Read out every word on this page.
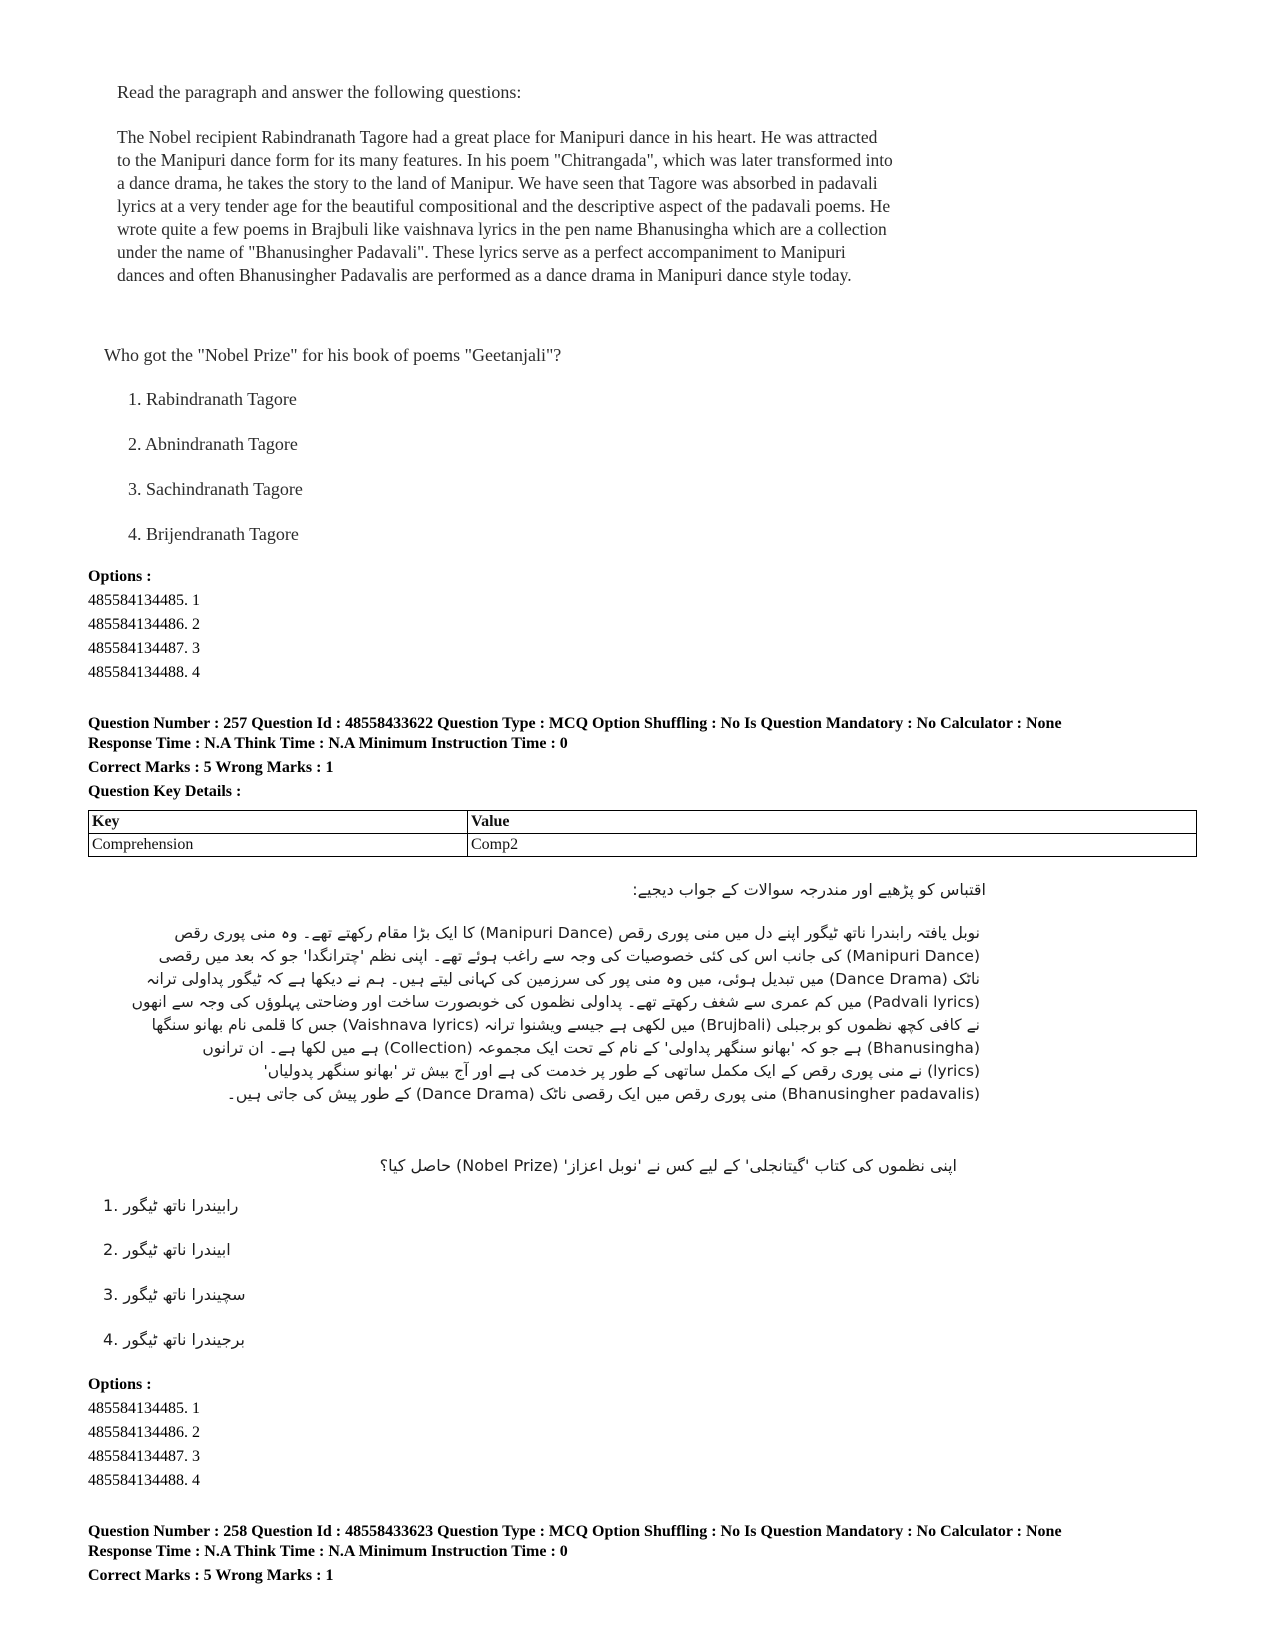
Read the paragraph and answer the following questions:
The Nobel recipient Rabindranath Tagore had a great place for Manipuri dance in his heart. He was attracted
to the Manipuri dance form for its many features. In his poem "Chitrangada", which was later transformed into
a dance drama, he takes the story to the land of Manipur. We have seen that Tagore was absorbed in padavali
lyrics at a very tender age for the beautiful compositional and the descriptive aspect of the padavali poems. He
wrote quite a few poems in Brajbuli like vaishnava lyrics in the pen name Bhanusingha which are a collection
under the name of "Bhanusingher Padavali". These lyrics serve as a perfect accompaniment to Manipuri
dances and often Bhanusingher Padavalis are performed as a dance drama in Manipuri dance style today.
Who got the "Nobel Prize" for his book of poems "Geetanjali"?
1. Rabindranath Tagore
2. Abnindranath Tagore
3. Sachindranath Tagore
4. Brijendranath Tagore
Options :
485584134485. 1
485584134486. 2
485584134487. 3
485584134488. 4
Question Number : 257 Question Id : 48558433622 Question Type : MCQ Option Shuffling : No Is Question Mandatory : No Calculator : None
Response Time : N.A Think Time : N.A Minimum Instruction Time : 0
Correct Marks : 5 Wrong Marks : 1
Question Key Details :
Key	Value
Comprehension	Comp2
اقتباس کو پڑھیے اور مندرجہ سوالات کے جواب دیجیے:
نوبل یافتہ رابندرا ناتھ ٹیگور اپنے دل میں منی پوری رقص (Manipuri Dance) کا ایک بڑا مقام رکھتے تھے۔ وہ منی پوری رقص
(Manipuri Dance) کی جانب اس کی کئی خصوصیات کی وجہ سے راغب ہوئے تھے۔ اپنی نظم 'چترانگدا' جو کہ بعد میں رقصی
ناٹک (Dance Drama) میں تبدیل ہوئی، میں وہ منی پور کی سرزمین کی کہانی لیتے ہیں۔ ہم نے دیکھا ہے کہ ٹیگور پداولی ترانہ
(Padvali lyrics) میں کم عمری سے شغف رکھتے تھے۔ پداولی نظموں کی خوبصورت ساخت اور وضاحتی پہلوؤں کی وجہ سے انھوں
نے کافی کچھ نظموں کو برجبلی (Brujbali) میں لکھی ہے جیسے ویشنوا ترانہ (Vaishnava lyrics) جس کا قلمی نام بھانو سنگھا
(Bhanusingha) ہے جو کہ 'بھانو سنگھر پداولی' کے نام کے تحت ایک مجموعہ (Collection) ہے میں لکھا ہے۔ ان ترانوں
(lyrics) نے منی پوری رقص کے ایک مکمل ساتھی کے طور پر خدمت کی ہے اور آج بیش تر 'بھانو سنگھر پدولیاں'
(Bhanusingher padavalis) منی پوری رقص میں ایک رقصی ناٹک (Dance Drama) کے طور پیش کی جاتی ہیں۔
اپنی نظموں کی کتاب 'گیتانجلی' کے لیے کس نے 'نوبل اعزاز' (Nobel Prize) حاصل کیا؟
رابیندرا ناتھ ٹیگور .1
ابیندرا ناتھ ٹیگور .2
سچیندرا ناتھ ٹیگور .3
برجیندرا ناتھ ٹیگور .4
Options :
485584134485. 1
485584134486. 2
485584134487. 3
485584134488. 4
Question Number : 258 Question Id : 48558433623 Question Type : MCQ Option Shuffling : No Is Question Mandatory : No Calculator : None
Response Time : N.A Think Time : N.A Minimum Instruction Time : 0
Correct Marks : 5 Wrong Marks : 1
